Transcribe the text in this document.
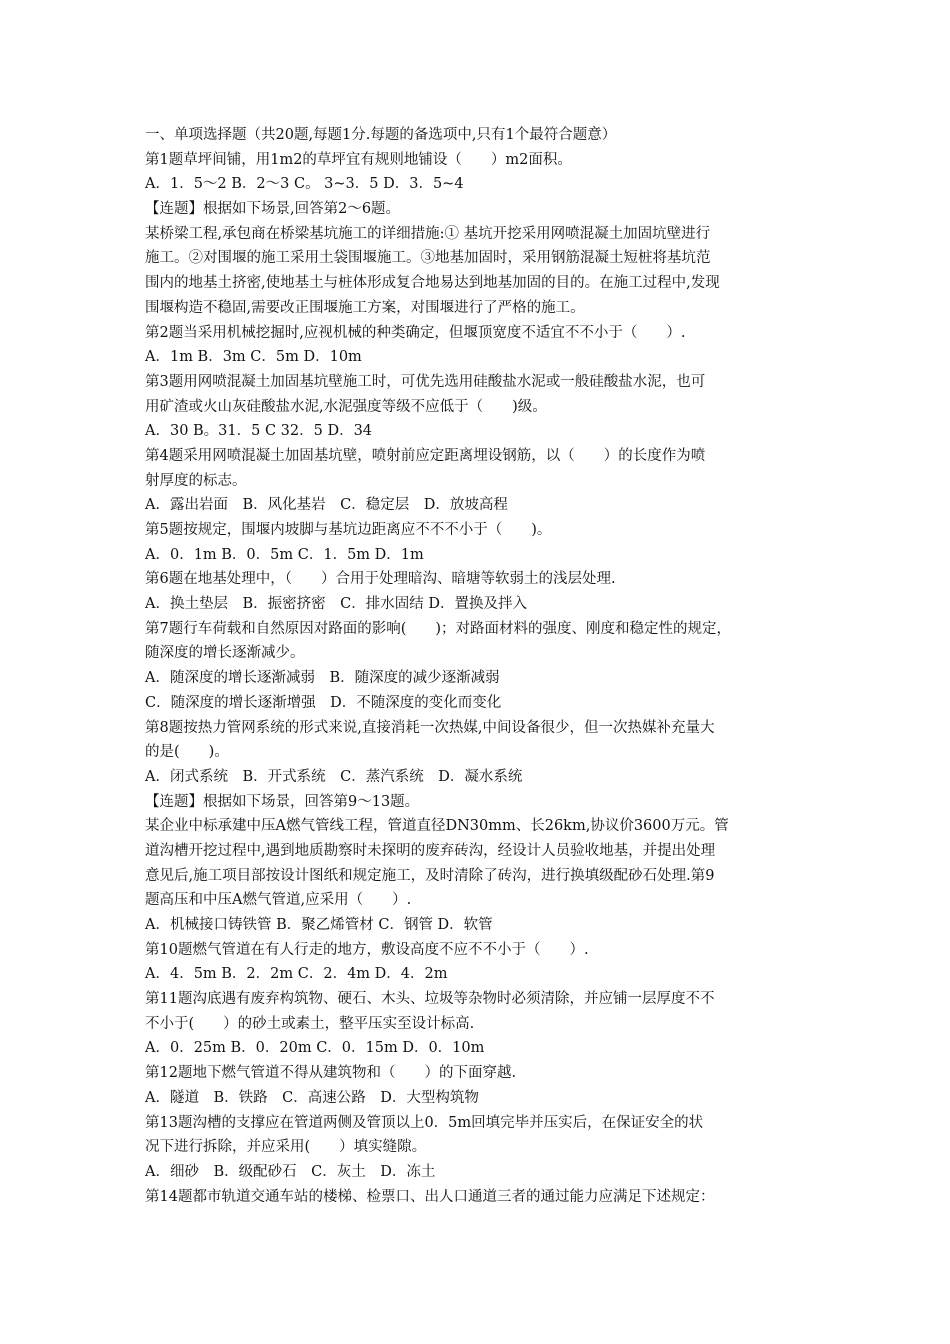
一、单项选择题（共20题,每题1分.每题的备选项中,只有1个最符合题意）
第1题草坪间铺，用1m2的草坪宜有规则地铺设（　　）m2面积。
A．1．5～2 B．2～3 C。 3~3．5 D．3．5~4
【连题】根据如下场景,回答第2～6题。
某桥梁工程,承包商在桥梁基坑施工的详细措施:① 基坑开挖采用网喷混凝土加固坑壁进行
施工。②对围堰的施工采用土袋围堰施工。③地基加固时，采用钢筋混凝土短桩将基坑范
围内的地基土挤密,使地基土与桩体形成复合地易达到地基加固的目的。在施工过程中,发现
围堰构造不稳固,需要改正围堰施工方案，对围堰进行了严格的施工。
第2题当采用机械挖掘时,应视机械的种类确定，但堰顶宽度不适宜不不小于（　　）.
A．1m B．3m C．5m D．10m
第3题用网喷混凝土加固基坑壁施工时，可优先选用硅酸盐水泥或一般硅酸盐水泥，也可
用矿渣或火山灰硅酸盐水泥,水泥强度等级不应低于（　　)级。
A．30 B。31．5 C 32．5 D．34
第4题采用网喷混凝土加固基坑壁，喷射前应定距离埋设钢筋，以（　　）的长度作为喷
射厚度的标志。
A．露出岩面　B．风化基岩　C．稳定层　D．放坡高程
第5题按规定，围堰内坡脚与基坑边距离应不不不小于（　　)。
A．0．1m B．0．5m C．1．5m D．1m
第6题在地基处理中，（　　）合用于处理暗沟、暗塘等软弱土的浅层处理.
A．换土垫层　B．振密挤密　C．排水固结 D．置换及拌入
第7题行车荷载和自然原因对路面的影响(　　)；对路面材料的强度、刚度和稳定性的规定，
随深度的增长逐渐减少。
A．随深度的增长逐渐减弱　B．随深度的减少逐渐减弱
C．随深度的增长逐渐增强　D．不随深度的变化而变化
第8题按热力管网系统的形式来说,直接消耗一次热媒,中间设备很少，但一次热媒补充量大
的是(　　)。
A．闭式系统　B．开式系统　C．蒸汽系统　D．凝水系统
【连题】根据如下场景，回答第9～13题。
某企业中标承建中压A燃气管线工程，管道直径DN30mm、长26km,协议价3600万元。管
道沟槽开挖过程中,遇到地质勘察时未探明的废弃砖沟，经设计人员验收地基，并提出处理
意见后,施工项目部按设计图纸和规定施工，及时清除了砖沟，进行换填级配砂石处理.第9
题高压和中压A燃气管道,应采用（　　）.
A．机械接口铸铁管 B．聚乙烯管材 C．钢管 D．软管
第10题燃气管道在有人行走的地方，敷设高度不应不不小于（　　）.
A．4．5m B．2．2m C．2．4m D．4．2m
第11题沟底遇有废弃构筑物、硬石、木头、垃圾等杂物时必须清除，并应铺一层厚度不不
不小于(　　）的砂土或素土，整平压实至设计标高.
A．0．25m B．0．20m C．0．15m D．0．10m
第12题地下燃气管道不得从建筑物和（　　）的下面穿越.
A．隧道　B．铁路　C．高速公路　D．大型构筑物
第13题沟槽的支撑应在管道两侧及管顶以上0．5m回填完毕并压实后，在保证安全的状
况下进行拆除，并应采用(　　）填实缝隙。
A．细砂　B．级配砂石　C．灰土　D．冻土
第14题都市轨道交通车站的楼梯、检票口、出人口通道三者的通过能力应满足下述规定：
